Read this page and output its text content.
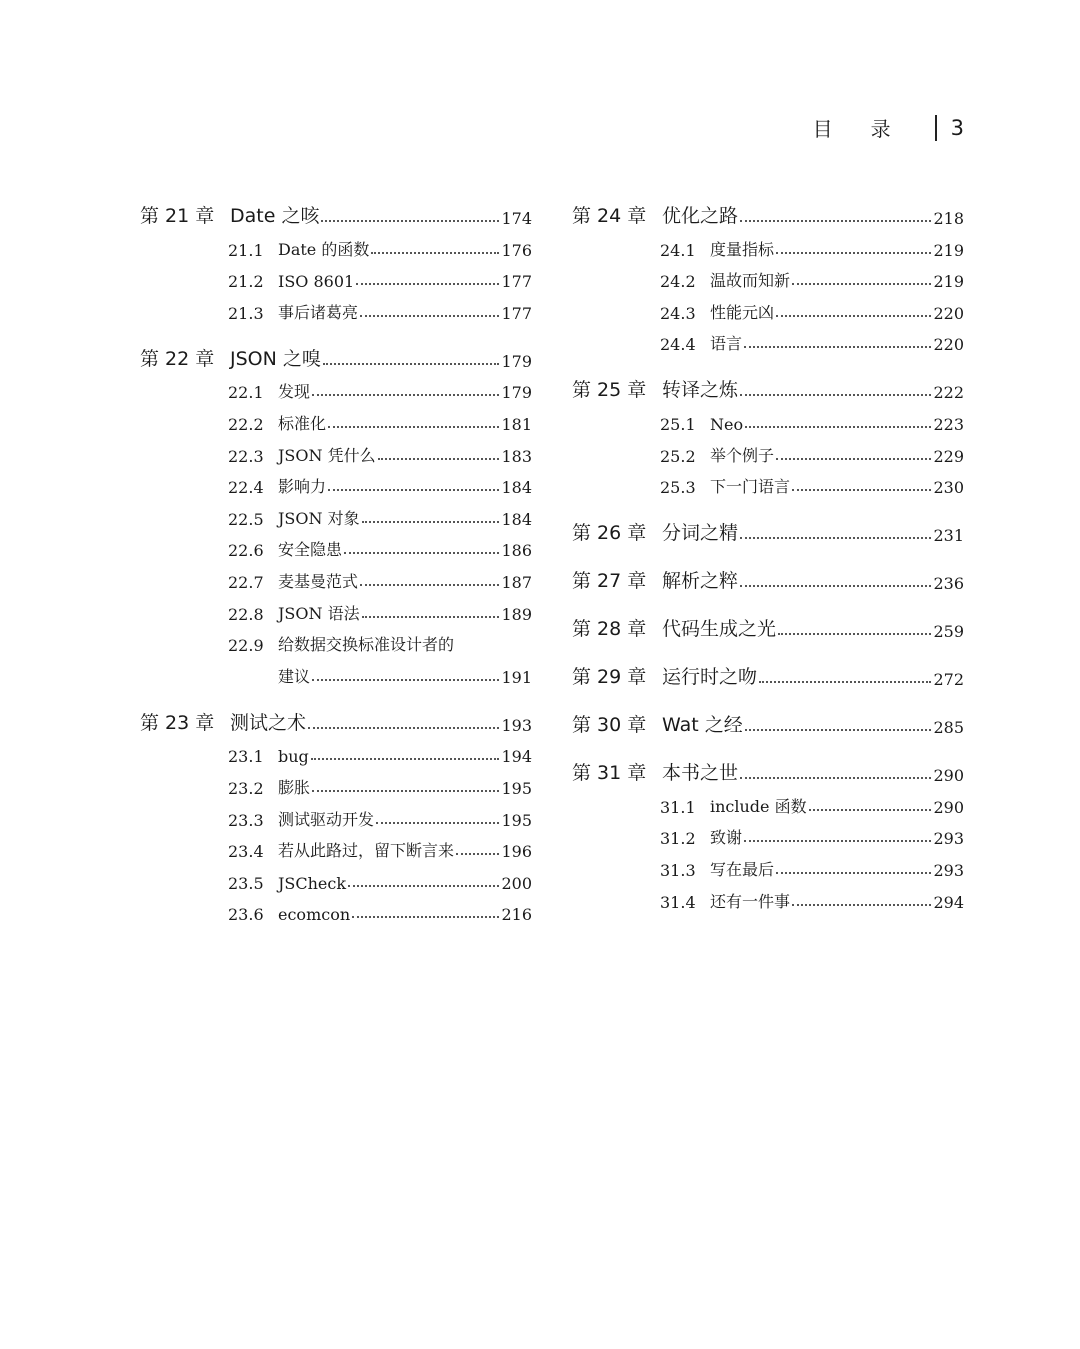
目录 3
第 21 章 Date 之咳	174
21.1 Date 的函数	176
21.2 ISO 8601	177
21.3 事后诸葛亮	177
第 22 章 JSON 之嗅	179
22.1 发现	179
22.2 标准化	181
22.3 JSON 凭什么	183
22.4 影响力	184
22.5 JSON 对象	184
22.6 安全隐患	186
22.7 麦基曼范式	187
22.8 JSON 语法	189
22.9 给数据交换标准设计者的
建议	191
第 23 章 测试之术	193
23.1 bug	194
23.2 膨胀	195
23.3 测试驱动开发	195
23.4 若从此路过，留下断言来	196
23.5 JSCheck	200
23.6 ecomcon	216
第 24 章 优化之路	218
24.1 度量指标	219
24.2 温故而知新	219
24.3 性能元凶	220
24.4 语言	220
第 25 章 转译之炼	222
25.1 Neo	223
25.2 举个例子	229
25.3 下一门语言	230
第 26 章 分词之精	231
第 27 章 解析之粹	236
第 28 章 代码生成之光	259
第 29 章 运行时之吻	272
第 30 章 Wat 之经	285
第 31 章 本书之世	290
31.1 include 函数	290
31.2 致谢	293
31.3 写在最后	293
31.4 还有一件事	294
